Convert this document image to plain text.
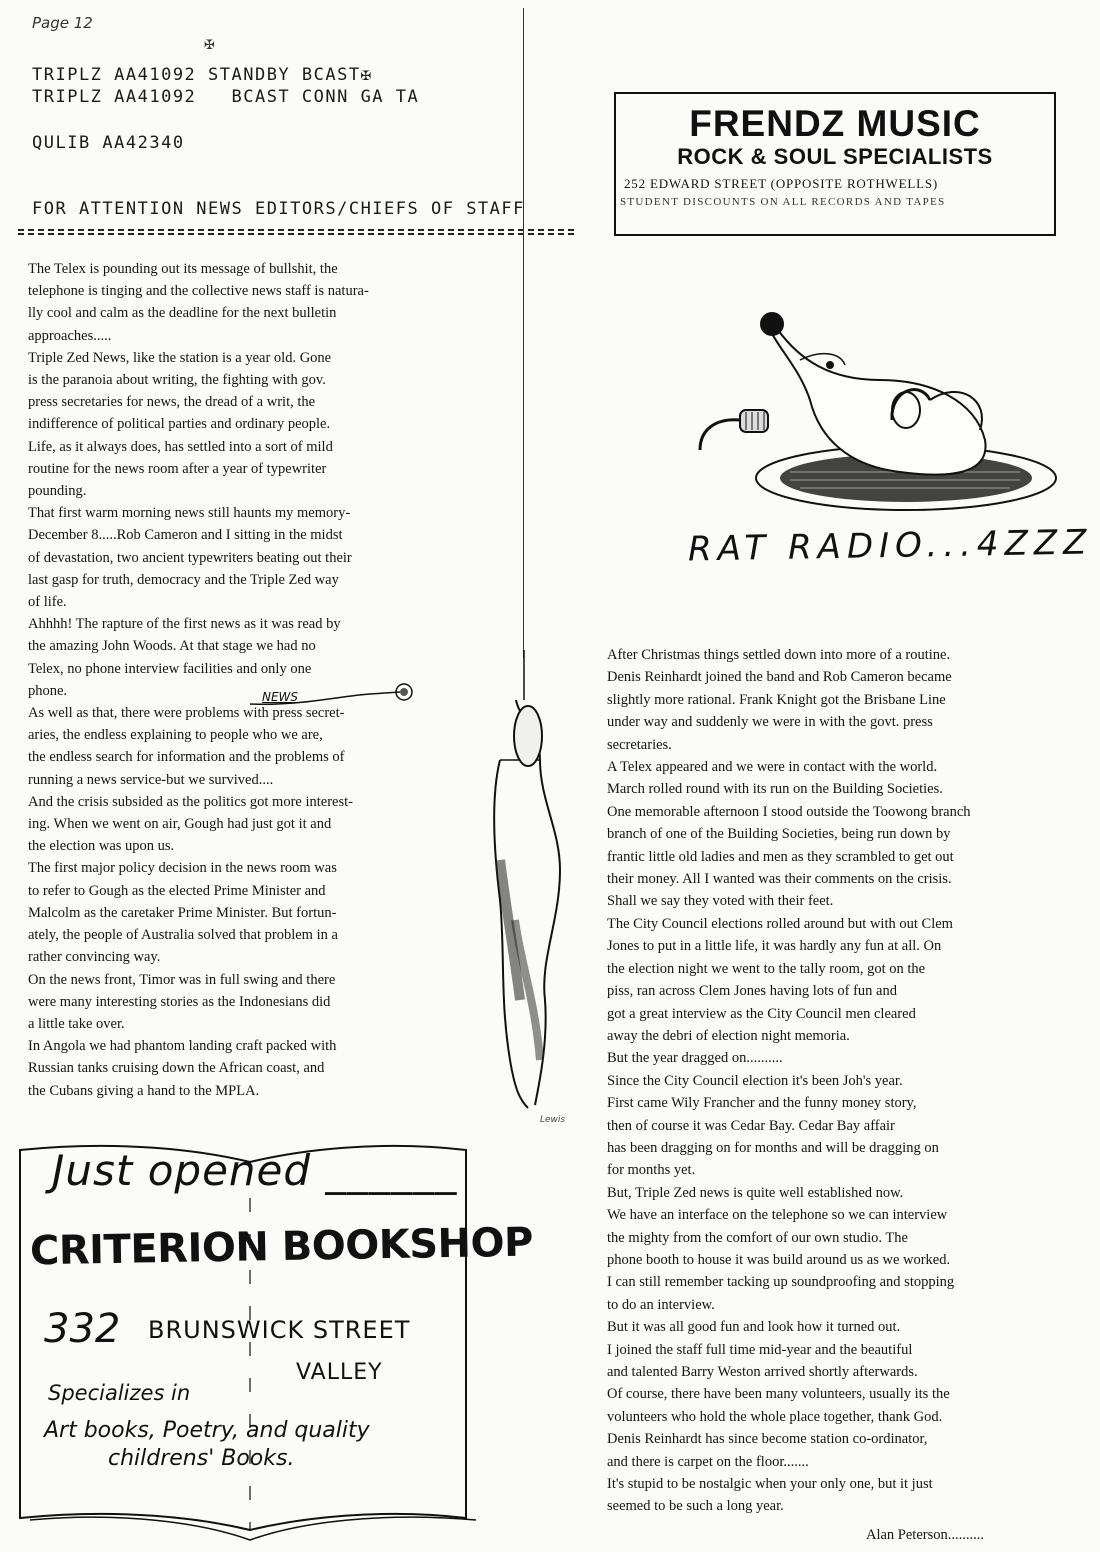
Page 12
✠
TRIPLZ AA41092 STANDBY BCAST✠
TRIPLZ AA41092   BCAST CONN GA TA
QULIB AA42340
FOR ATTENTION NEWS EDITORS/CHIEFS OF STAFF
FRENDZ MUSIC
ROCK & SOUL SPECIALISTS
252 EDWARD STREET (OPPOSITE ROTHWELLS)
STUDENT DISCOUNTS ON ALL RECORDS AND TAPES
RAT RADIO...4ZZZ
NEWS
Lewis
The Telex is pounding out its message of bullshit, the
telephone is tinging and the collective news staff is natura-
lly cool and calm as the deadline for the next bulletin
approaches.....
Triple Zed News, like the station is a year old. Gone
is the paranoia about writing, the fighting with gov.
press secretaries for news, the dread of a writ, the
indifference of political parties and ordinary people.
Life, as it always does, has settled into a sort of mild
routine for the news room after a year of typewriter
pounding.
That first warm morning news still haunts my memory-
December 8.....Rob Cameron and I sitting in the midst
of devastation, two ancient typewriters beating out their
last gasp for truth, democracy and the Triple Zed way
of life.
Ahhhh! The rapture of the first news as it was read by
the amazing John Woods. At that stage we had no
Telex, no phone interview facilities and only one
phone.
As well as that, there were problems with press secret-
aries, the endless explaining to people who we are,
the endless search for information and the problems of
running a news service-but we survived....
And the crisis subsided as the politics got more interest-
ing. When we went on air, Gough had just got it and
the election was upon us.
The first major policy decision in the news room was
to refer to Gough as the elected Prime Minister and
Malcolm as the caretaker Prime Minister. But fortun-
ately, the people of Australia solved that problem in a
rather convincing way.
On the news front, Timor was in full swing and there
were many interesting stories as the Indonesians did
a little take over.
In Angola we had phantom landing craft packed with
Russian tanks cruising down the African coast, and
the Cubans giving a hand to the MPLA.
After Christmas things settled down into more of a routine.
Denis Reinhardt joined the band and Rob Cameron became
slightly more rational. Frank Knight got the Brisbane Line
under way and suddenly we were in with the govt. press
secretaries.
A Telex appeared and we were in contact with the world.
March rolled round with its run on the Building Societies.
One memorable afternoon I stood outside the Toowong branch
branch of one of the Building Societies, being run down by
frantic little old ladies and men as they scrambled to get out
their money. All I wanted was their comments on the crisis.
Shall we say they voted with their feet.
The City Council elections rolled around but with out Clem
Jones to put in a little life, it was hardly any fun at all. On
the election night we went to the tally room, got on the
piss, ran across Clem Jones having lots of fun and
got a great interview as the City Council men cleared
away the debri of election night memoria.
But the year dragged on..........
Since the City Council election it's been Joh's year.
First came Wily Francher and the funny money story,
then of course it was Cedar Bay. Cedar Bay affair
has been dragging on for months and will be dragging on
for months yet.
But, Triple Zed news is quite well established now.
We have an interface on the telephone so we can interview
the mighty from the comfort of our own studio. The
phone booth to house it was build around us as we worked.
I can still remember tacking up soundproofing and stopping
to do an interview.
But it was all good fun and look how it turned out.
I joined the staff full time mid-year and the beautiful
and talented Barry Weston arrived shortly afterwards.
Of course, there have been many volunteers, usually its the
volunteers who hold the whole place together, thank God.
Denis Reinhardt has since become station co-ordinator,
and there is carpet on the floor.......
It's stupid to be nostalgic when your only one, but it just
seemed to be such a long year.
Alan Peterson..........
Just opened ______
CRITERION BOOKSHOP
332 BRUNSWICK STREET
VALLEY
Specializes in
Art books, Poetry, and quality
childrens' Books.
